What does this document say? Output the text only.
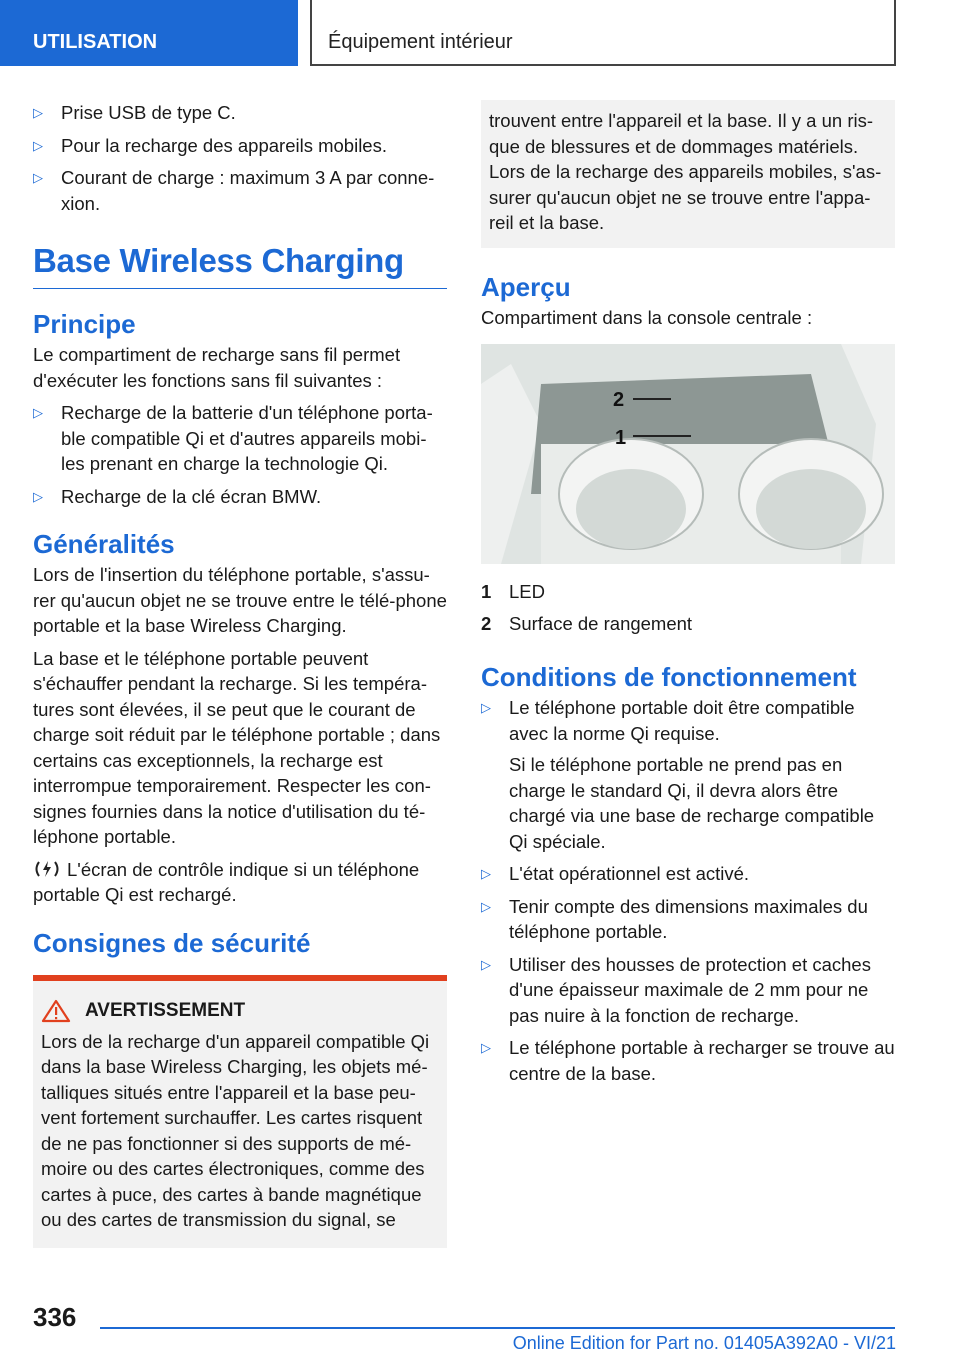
UTILISATION	Équipement intérieur
▷ Prise USB de type C.
▷ Pour la recharge des appareils mobiles.
▷ Courant de charge : maximum 3 A par conne‐xion.
Base Wireless Charging
Principe

Le compartiment de recharge sans fil permet d'exécuter les fonctions sans fil suivantes :

▷ Recharge de la batterie d'un téléphone porta‐ble compatible Qi et d'autres appareils mobi‐les prenant en charge la technologie Qi.
▷ Recharge de la clé écran BMW.
Généralités

Lors de l'insertion du téléphone portable, s'assu‐rer qu'aucun objet ne se trouve entre le télé‐phone portable et la base Wireless Charging.

La base et le téléphone portable peuvent s'échauffer pendant la recharge. Si les tempéra‐tures sont élevées, il se peut que le courant de charge soit réduit par le téléphone portable ; dans certains cas exceptionnels, la recharge est interrompue temporairement. Respecter les con‐signes fournies dans la notice d'utilisation du té‐léphone portable.

L'écran de contrôle indique si un téléphone portable Qi est rechargé.

Consignes de sécurité
AVERTISSEMENT

Lors de la recharge d'un appareil compatible Qi dans la base Wireless Charging, les objets mé‐talliques situés entre l'appareil et la base peu‐vent fortement surchauffer. Les cartes risquent de ne pas fonctionner si des supports de mé‐moire ou des cartes électroniques, comme des cartes à puce, des cartes à bande magnétique ou des cartes de transmission du signal, se

trouvent entre l'appareil et la base. Il y a un ris‐que de blessures et de dommages matériels. Lors de la recharge des appareils mobiles, s'as‐surer qu'aucun objet ne se trouve entre l'appa‐reil et la base.

Aperçu

Compartiment dans la console centrale :

2
1
1 LED
2 Surface de rangement
Conditions de fonctionnement
▷ Le téléphone portable doit être compatible avec la norme Qi requise.
Si le téléphone portable ne prend pas en charge le standard Qi, il devra alors être chargé via une base de recharge compatible Qi spéciale.
▷ L'état opérationnel est activé.
▷ Tenir compte des dimensions maximales du téléphone portable.
▷ Utiliser des housses de protection et caches d'une épaisseur maximale de 2 mm pour ne pas nuire à la fonction de recharge.
▷ Le téléphone portable à recharger se trouve au centre de la base.
336
Online Edition for Part no. 01405A392A0 - VI/21
